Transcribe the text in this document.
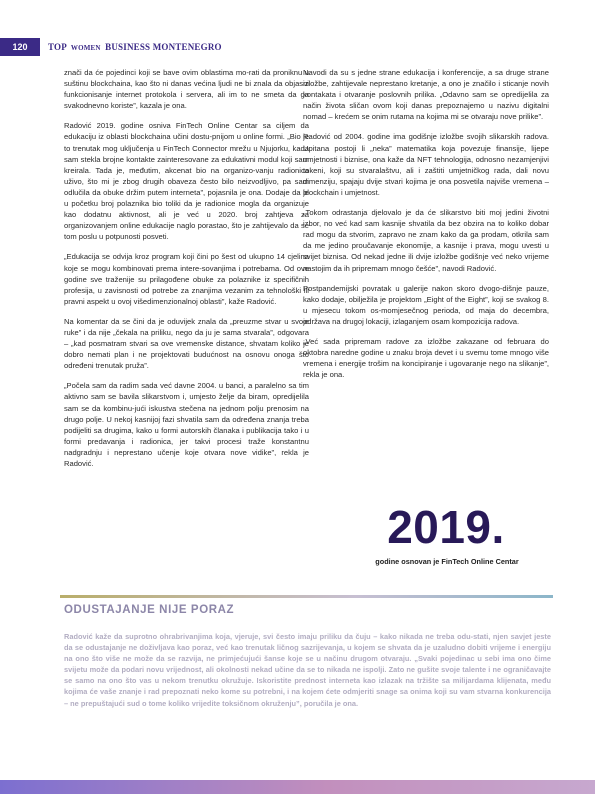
120	TOP WOMEN BUSINESS MONTENEGRO

znači da će pojedinci koji se bave ovim oblastima mo-rati da proniknu u suštinu blockchaina, kao što ni danas većina ljudi ne bi znala da objasni funkcionisanje internet protokola i servera, ali im to ne smeta da ga svakodnevno koriste”, kazala je ona.

Radović 2019. godine osniva FinTech Online Centar sa ciljem da edukaciju iz oblasti blockchaina učini dostu-pnijom u online formi. „Bio je to trenutak mog uključenja u FinTech Connector mrežu u Njujorku, kada sam stekla brojne kontakte zainteresovane za edukativni modul koji sam kreirala. Tada je, međutim, akcenat bio na organizo-vanju radionica uživo, što mi je zbog drugih obaveza često bilo neizvodljivo, pa sam odlučila da obuke držim putem interneta”, pojasnila je ona. Dodaje da je u početku broj polaznika bio toliki da je radionice mogla da organizuje kao dodatnu aktivnost, ali je već u 2020. broj zahtjeva za organizovanjem online edukacije naglo porastao, što je zahtijevalo da se tom poslu u potpunosti posveti.

„Edukacija se odvija kroz program koji čini po šest od ukupno 14 cjelina koje se mogu kombinovati prema intere-sovanjima i potrebama. Od ove godine sve traženije su prilagođene obuke za polaznike iz specifičnih profesija, u zavisnosti od potrebe za znanjima vezanim za tehnološki ili pravni aspekt u ovoj višedimenzionalnoj oblasti”, kaže Radović.

Na komentar da se čini da je oduvijek znala da „preuzme stvar u svoje ruke” i da nije „čekala na priliku, nego da ju je sama stvarala”, odgovara – „kad posmatram stvari sa ove vremenske distance, shvatam koliko je dobro nemati plan i ne projektovati budućnost na osnovu onoga što određeni trenutak pruža”.

„Počela sam da radim sada već davne 2004. u banci, a paralelno sa tim aktivno sam se bavila slikarstvom i, umjesto želje da biram, opredijelila sam se da kombinu-jući iskustva stečena na jednom polju prenosim na drugo polje. U nekoj kasnijoj fazi shvatila sam da određena znanja treba podijeliti sa drugima, kako u formi autorskih članaka i publikacija tako i u formi predavanja i radionica, jer takvi procesi traže konstantnu nadgradnju i neprestano učenje koje otvara nove vidike”, rekla je Radović.

Navodi da su s jedne strane edukacija i konferencije, a sa druge strane izložbe, zahtijevale neprestano kretanje, a ono je značilo i sticanje novih kontakata i otvaranje poslovnih prilika. „Odavno sam se opredijelila za način života sličan ovom koji danas prepoznajemo u nazivu digitalni nomad – krećem se onim rutama na kojima mi se otvaraju nove prilike”.

Radović od 2004. godine ima godišnje izložbe svojih slikarskih radova. Upitana postoji li „neka” matematika koja povezuje finansije, lijepe umjetnosti i biznise, ona kaže da NFT tehnologija, odnosno nezamjenjivi tokeni, koji su stvaralaštvu, ali i zaštiti umjetničkog rada, dali novu dimenziju, spajaju dvije stvari kojima je ona posvetila najviše vremena – blockchain i umjetnost.

„Tokom odrastanja djelovalo je da će slikarstvo biti moj jedini životni izbor, no već kad sam kasnije shvatila da bez obzira na to koliko dobar rad mogu da stvorim, zapravo ne znam kako da ga prodam, otkrila sam da me jedino proučavanje ekonomije, a kasnije i prava, mogu uvesti u svijet biznisa. Od nekad jedne ili dvije izložbe godišnje već neko vrijeme nastojim da ih pripremam mnogo češće”, navodi Radović.

Postpandemijski povratak u galerije nakon skoro dvogo-dišnje pauze, kako dodaje, obilježila je projektom „Eight of the Eight”, koji se svakog 8. u mjesecu tokom os-momjesečnog perioda, od maja do decembra, održava na drugoj lokaciji, izlaganjem osam kompozicija radova.

„Već sada pripremam radove za izložbe zakazane od februara do oktobra naredne godine u znaku broja devet i u svemu tome mnogo više vremena i energije trošim na koncipiranje i ugovaranje nego na slikanje”, rekla je ona.

2019.
godine osnovan je FinTech Online Centar
ODUSTAJANJE NIJE PORAZ
Radović kaže da suprotno ohrabrivanjima koja, vjeruje, svi često imaju priliku da čuju – kako nikada ne treba odu-stati, njen savjet jeste da se odustajanje ne doživljava kao poraz, već kao trenutak ličnog sazrijevanja, u kojem se shvata da je uzaludno dobiti vrijeme i energiju na ono što više ne može da se razvija, ne primjećujući šanse koje se u načinu drugom otvaraju. „Svaki pojedinac u sebi ima ono čime svijetu može da podari novu vrijednost, ali okolnosti nekad učine da se to nikada ne ispolji. Zato ne gušite svoje talente i ne ograničavajte se samo na ono što vas u nekom trenutku okružuje. Iskoristite prednost interneta kao izlazak na tržište sa milijardama klijenata, među kojima će vaše znanje i rad prepoznati neko kome su potrebni, i na kojem ćete odmjeriti snage sa onima koji su vam stvarna konkurencija – ne prepuštajući sud o tome koliko vrijedite toksičnom okruženju”, poručila je ona.
